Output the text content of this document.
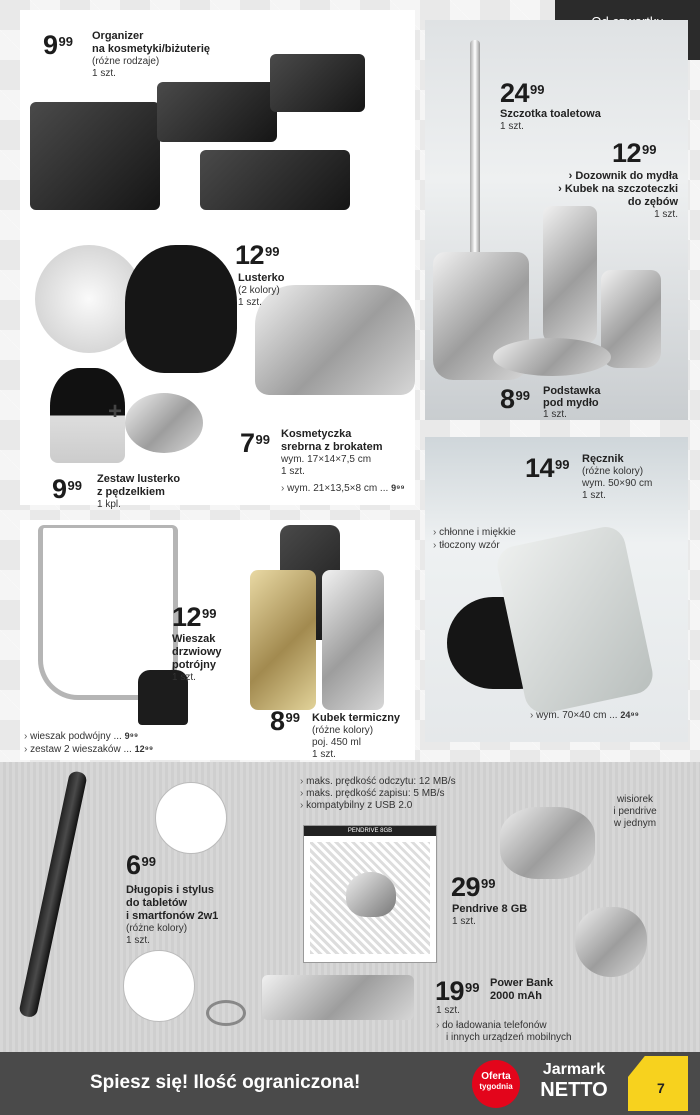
+
$9^{99}$ Organizer
na kosmetyki/biżuterię
(różne rodzaje)
1 szt.
$12^{99}$
Lusterko
(2 kolory)
1 szt.
$7^{99}$ Kosmetyczka
srebrna z brokatem
wym. 17×14×7,5 cm
1 szt.
› wym. 21×13,5×8 cm ... 9⁹⁹
$9^{99}$ Zestaw lusterko
z pędzelkiem
1 kpl.
$24^{99}$
Szczotka toaletowa
1 szt.
$12^{99}$
› Dozownik do mydła
› Kubek na szczoteczki
do zębów
1 szt.
$8^{99}$ Podstawka
pod mydło
1 szt.
$14^{99}$ Ręcznik
(różne kolory)
wym. 50×90 cm
1 szt.
› chłonne i miękkie
› tłoczony wzór
› wym. 70×40 cm ... 24⁹⁹
$12^{99}$
Wieszak
drzwiowy
potrójny
1 szt.
› wieszak podwójny ... 9⁹⁹
› zestaw 2 wieszaków ... 12⁹⁹
$8^{99}$ Kubek termiczny
(różne kolory)
poj. 450 ml
1 szt.
$6^{99}$
Długopis i stylus
do tabletów
i smartfonów 2w1
(różne kolory)
1 szt.
› maks. prędkość odczytu: 12 MB/s
› maks. prędkość zapisu: 5 MB/s
› kompatybilny z USB 2.0
PENDRIVE 8GB
wisiorek
i pendrive
w jednym
$29^{99}$
Pendrive 8 GB
1 szt.
$19^{99}$ Power Bank
2000 mAh
1 szt.
› do ładowania telefonów
i innych urządzeń mobilnych
Spiesz się! Ilość ograniczona!	Oferta
tygodnia
Jarmark
NETTO	7
